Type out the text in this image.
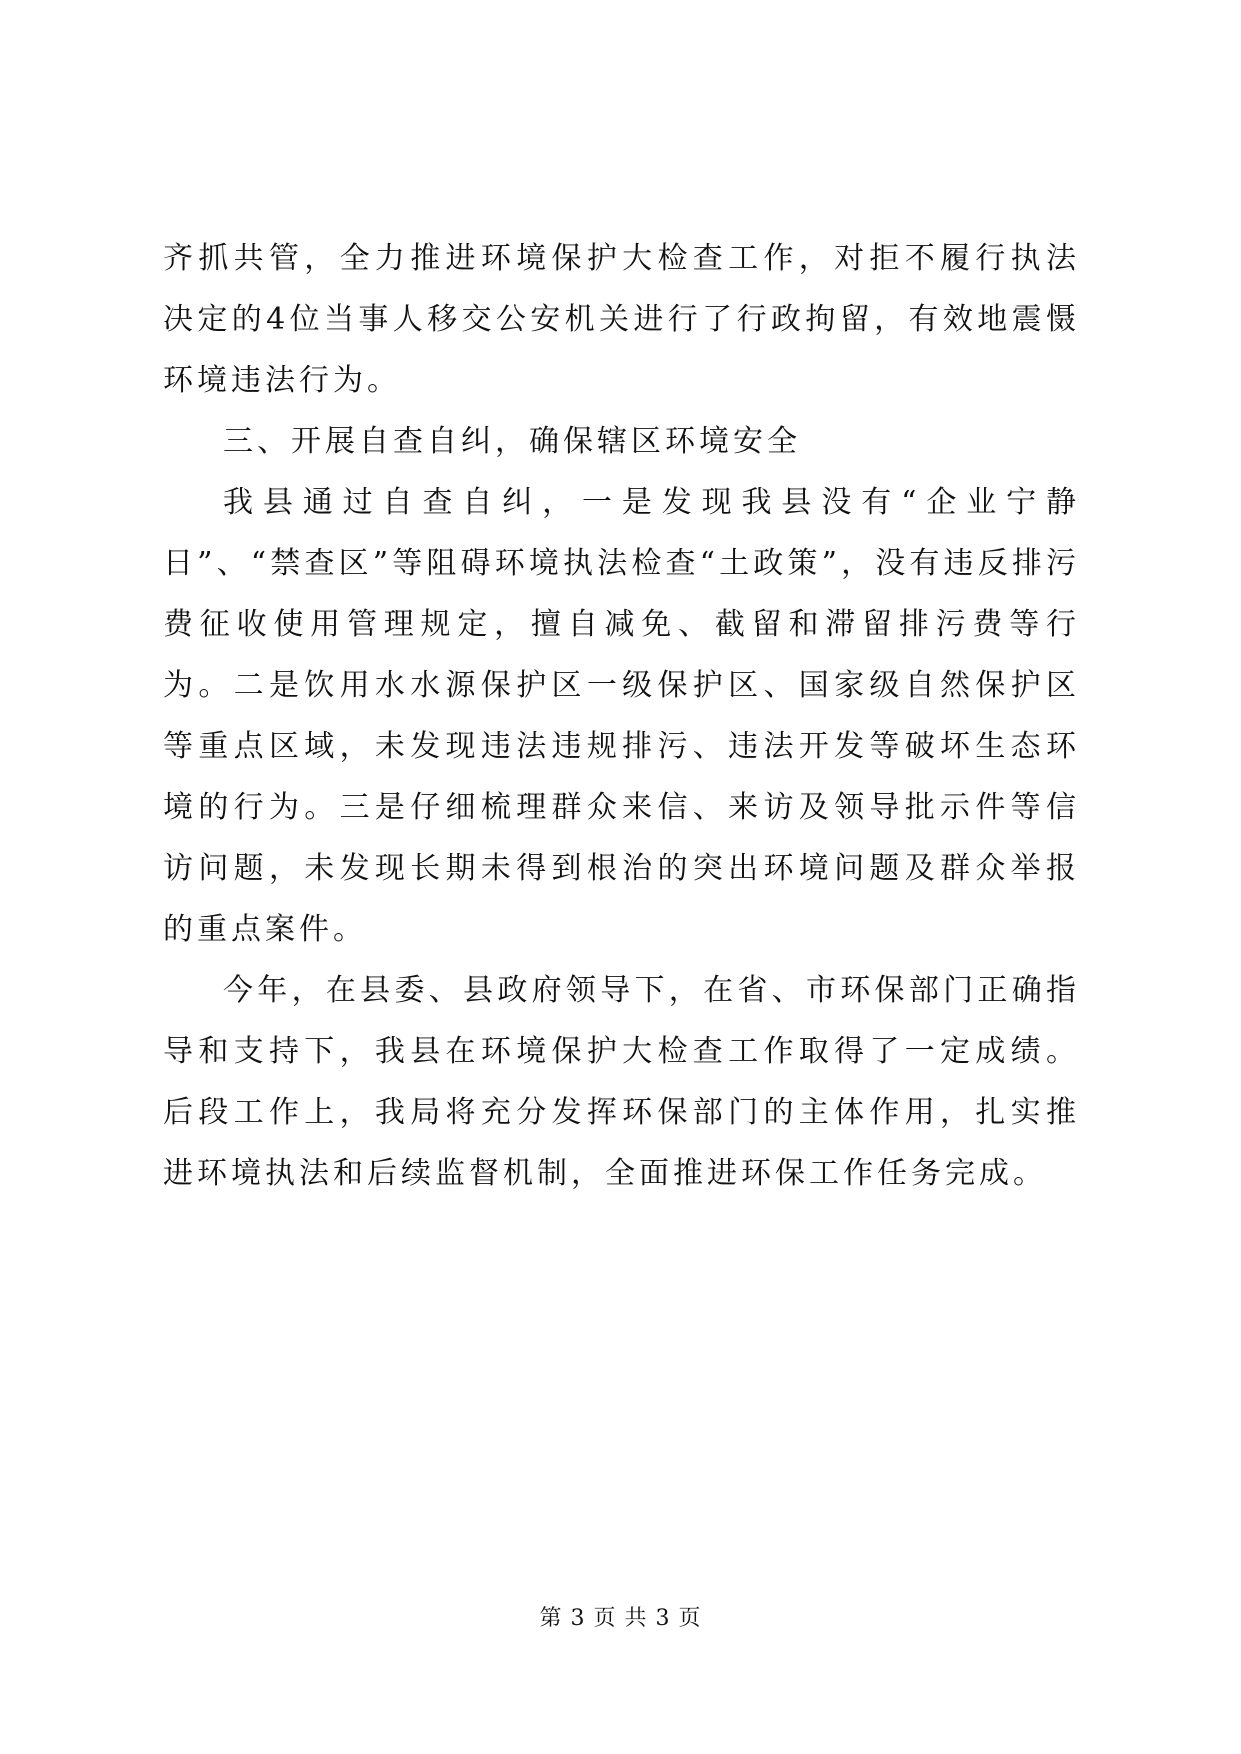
齐抓共管，全力推进环境保护大检查工作，对拒不履行执法决定的4位当事人移交公安机关进行了行政拘留，有效地震慑环境违法行为。

三、开展自查自纠，确保辖区环境安全

我县通过自查自纠，一是发现我县没有“企业宁静日”、“禁查区”等阻碍环境执法检查“土政策”，没有违反排污费征收使用管理规定，擅自减免、截留和滞留排污费等行为。二是饮用水水源保护区一级保护区、国家级自然保护区等重点区域，未发现违法违规排污、违法开发等破坏生态环境的行为。三是仔细梳理群众来信、来访及领导批示件等信访问题，未发现长期未得到根治的突出环境问题及群众举报的重点案件。

今年，在县委、县政府领导下，在省、市环保部门正确指导和支持下，我县在环境保护大检查工作取得了一定成绩。后段工作上，我局将充分发挥环保部门的主体作用，扎实推进环境执法和后续监督机制，全面推进环保工作任务完成。

第 3 页 共 3 页
